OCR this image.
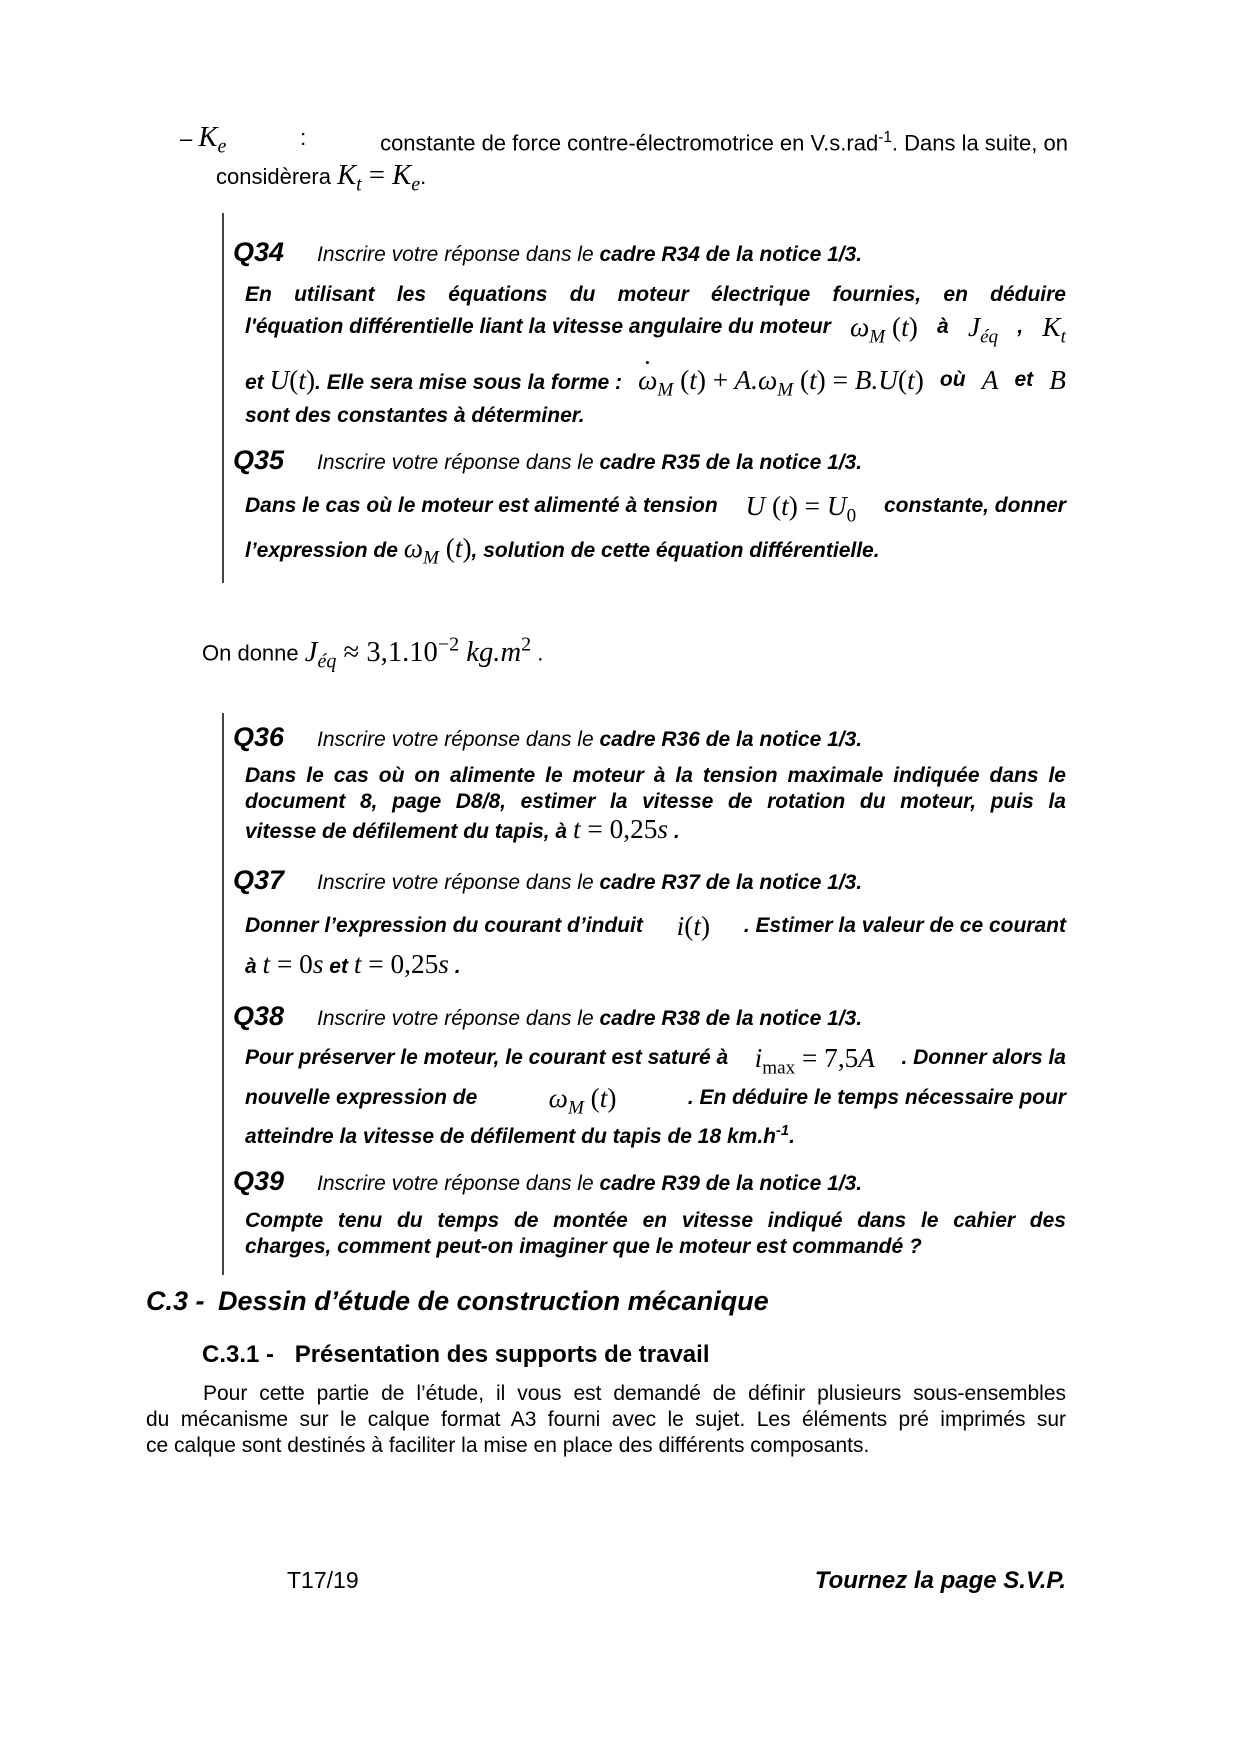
– $K_e$	:	constante de force contre-électromotrice en V.s.rad$^{-1}$. Dans la suite, on
considèrera $K_t = K_e$.
Q34 Inscrire votre réponse dans le cadre R34 de la notice 1/3.
En utilisant les équations du moteur électrique fournies, en déduire
l'équation différentielle liant la vitesse angulaire du moteur $\omega_M$ (t) à $J_{éq}$ , $K_t$
et U(t). Elle sera mise sous la forme : • $\omega_M$ $(t) + A.\omega_M$ (t) = B.U(t) où A et B
sont des constantes à déterminer.
Q35 Inscrire votre réponse dans le cadre R35 de la notice 1/3.
Dans le cas où le moteur est alimenté à tension U $(t) = U_0$ constante, donner
l’expression de $\omega_M$ (t), solution de cette équation différentielle.
On donne $J_{éq} \approx 3,1.10^{-2}$ $kg.m^2$ .
Q36 Inscrire votre réponse dans le cadre R36 de la notice 1/3.
Dans le cas où on alimente le moteur à la tension maximale indiquée dans le
document 8, page D8/8, estimer la vitesse de rotation du moteur, puis la
vitesse de défilement du tapis, à t = 0,25s .
Q37 Inscrire votre réponse dans le cadre R37 de la notice 1/3.
Donner l’expression du courant d’induit i(t) . Estimer la valeur de ce courant
à t = 0s et t = 0,25s .
Q38 Inscrire votre réponse dans le cadre R38 de la notice 1/3.
Pour préserver le moteur, le courant est saturé à $i_{max} = 7,5A$ . Donner alors la
nouvelle expression de	$\omega_M$ (t)	. En déduire le temps nécessaire pour
atteindre la vitesse de défilement du tapis de 18 $km.h^{-1}$.
Q39 Inscrire votre réponse dans le cadre R39 de la notice 1/3.
Compte tenu du temps de montée en vitesse indiqué dans le cahier des
charges, comment peut-on imaginer que le moteur est commandé ?
C.3 - Dessin d’étude de construction mécanique
C.3.1 - Présentation des supports de travail
Pour cette partie de l’étude, il vous est demandé de définir plusieurs sous-ensembles
du mécanisme sur le calque format A3 fourni avec le sujet. Les éléments pré imprimés sur
ce calque sont destinés à faciliter la mise en place des différents composants.
T17/19	Tournez la page S.V.P.
